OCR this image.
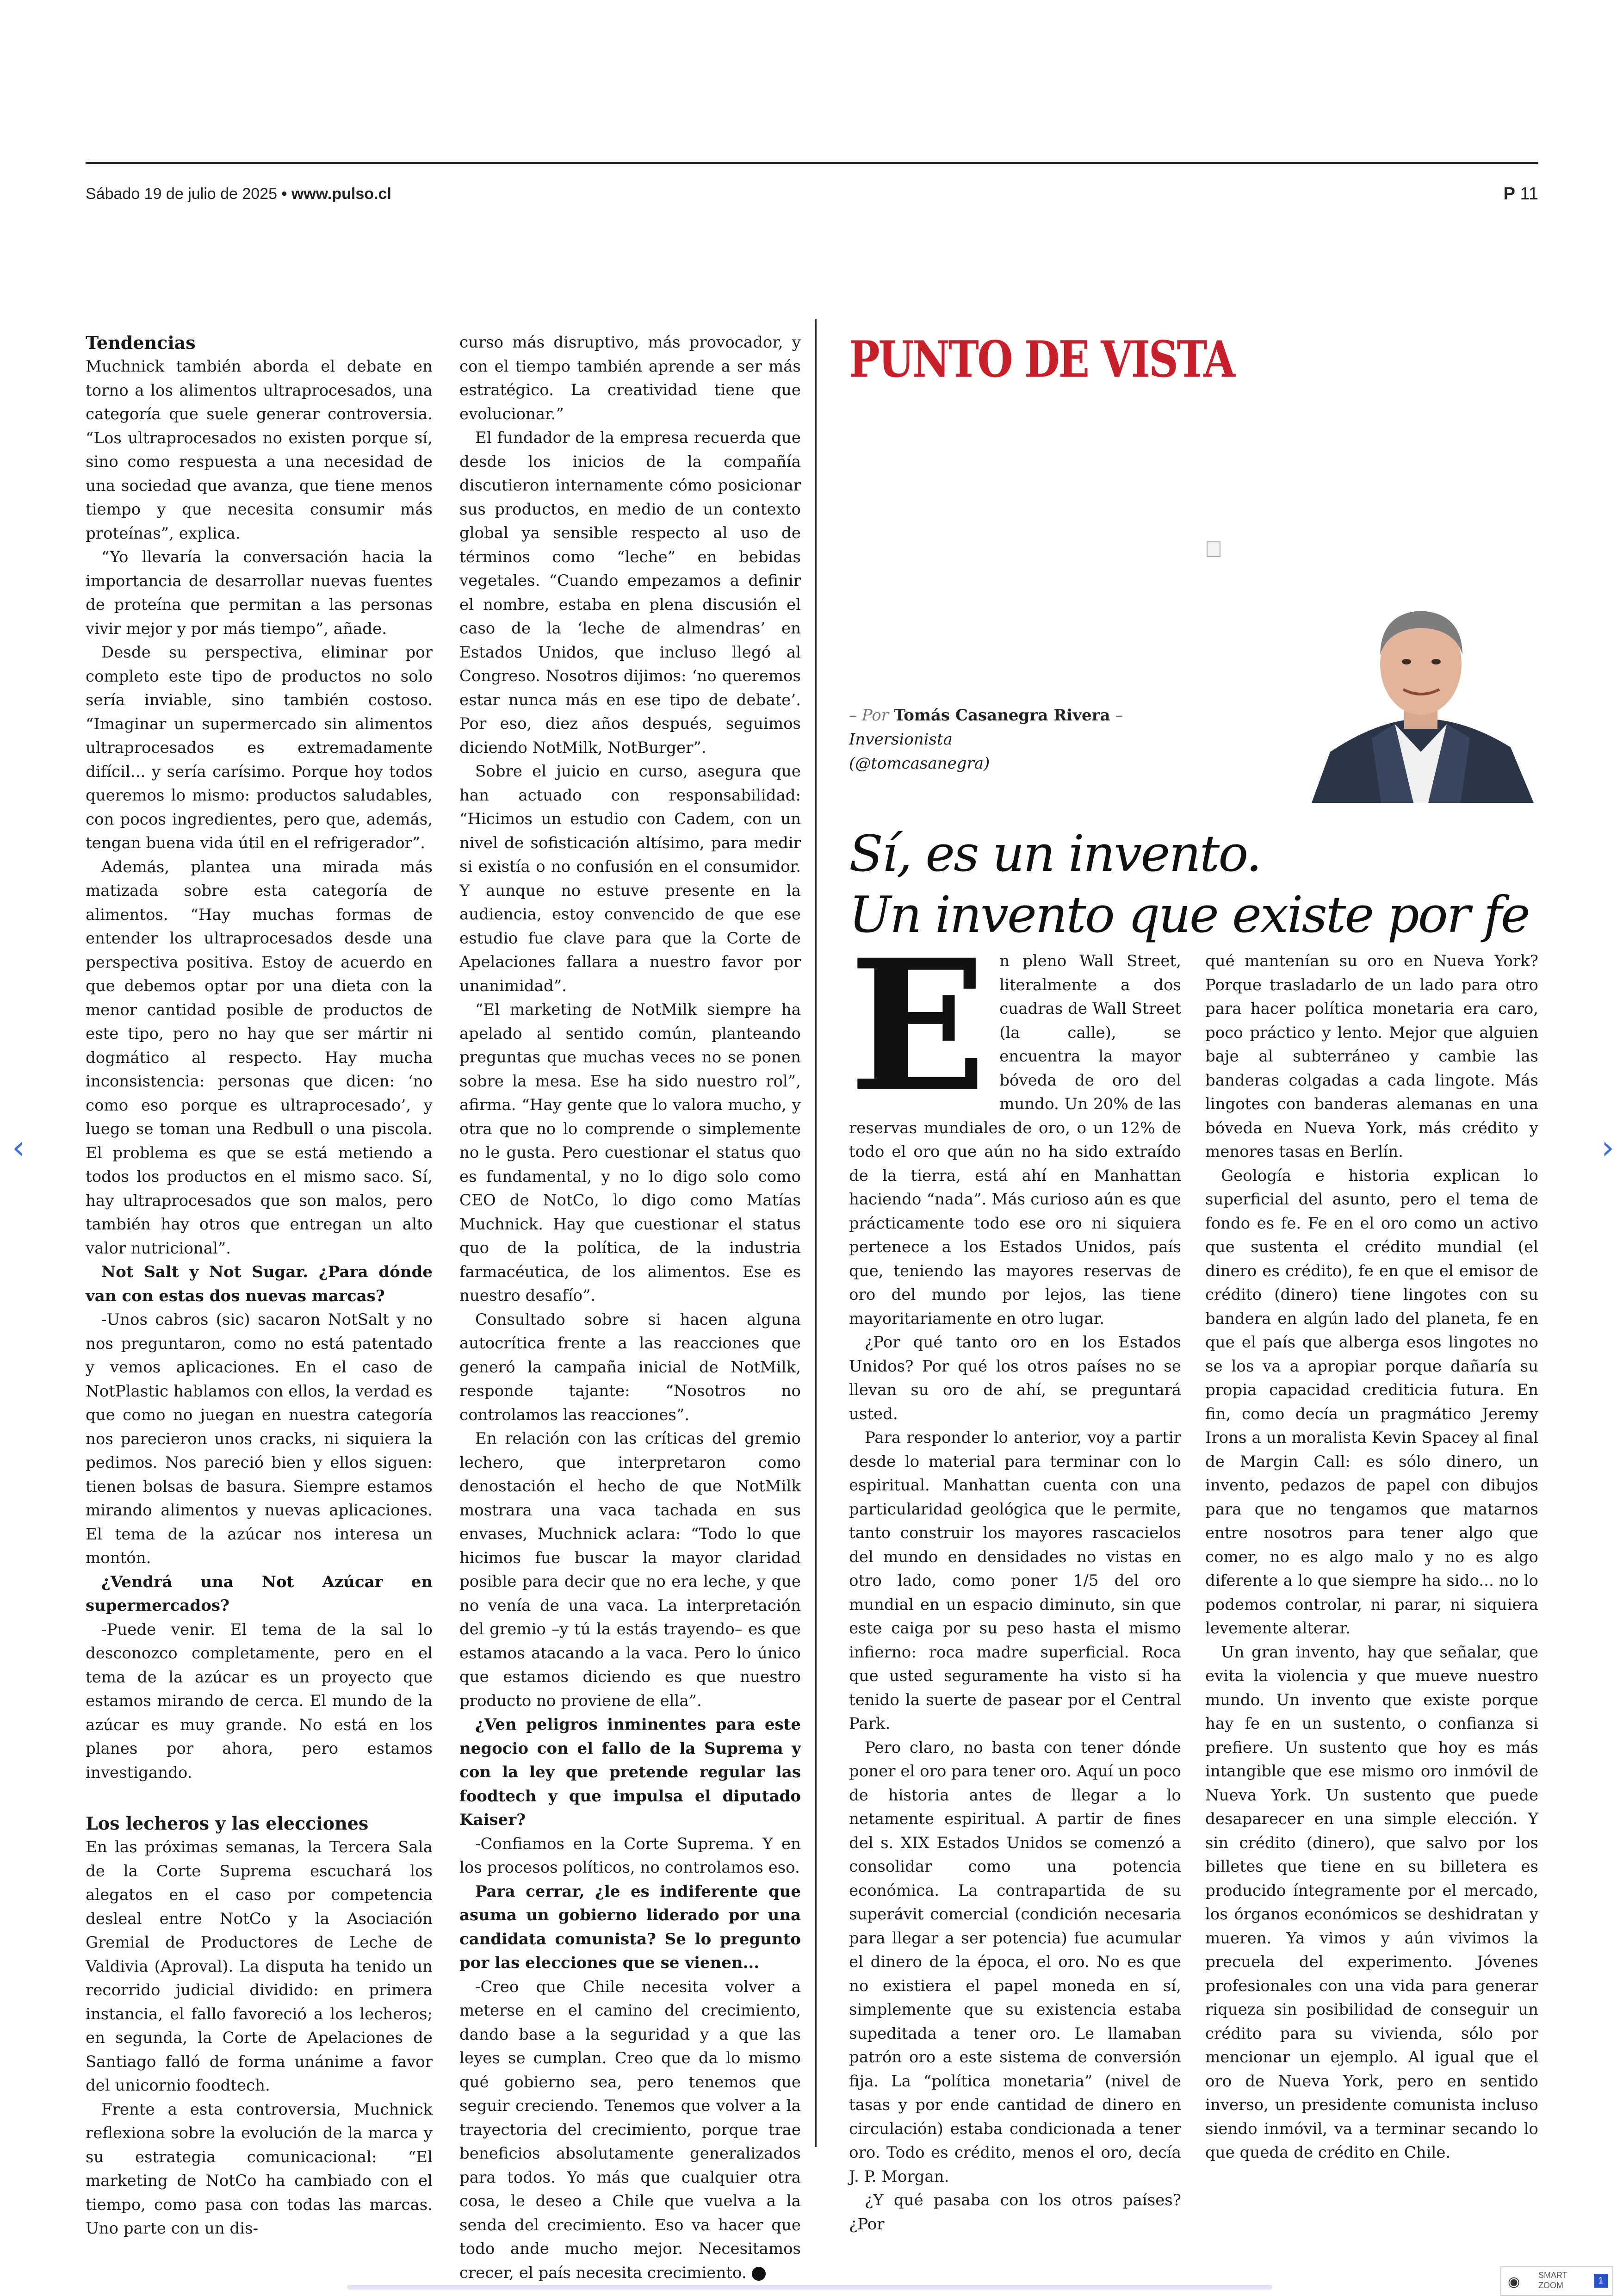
Sábado 19 de julio de 2025 • www.pulso.cl	P 11
Tendencias

Muchnick también aborda el debate en torno a los alimentos ultraprocesados, una categoría que suele generar controversia. “Los ultraprocesados no existen porque sí, sino como respuesta a una necesidad de una sociedad que avanza, que tiene menos tiempo y que necesita consumir más proteínas”, explica.

“Yo llevaría la conversación hacia la importancia de desarrollar nuevas fuentes de proteína que permitan a las personas vivir mejor y por más tiempo”, añade.

Desde su perspectiva, eliminar por completo este tipo de productos no solo sería inviable, sino también costoso. “Imaginar un supermercado sin alimentos ultraprocesados es extremadamente difícil... y sería carísimo. Porque hoy todos queremos lo mismo: productos saludables, con pocos ingredientes, pero que, además, tengan buena vida útil en el refrigerador”.

Además, plantea una mirada más matizada sobre esta categoría de alimentos. “Hay muchas formas de entender los ultraprocesados desde una perspectiva positiva. Estoy de acuerdo en que debemos optar por una dieta con la menor cantidad posible de productos de este tipo, pero no hay que ser mártir ni dogmático al respecto. Hay mucha inconsistencia: personas que dicen: ‘no como eso porque es ultraprocesado’, y luego se toman una Redbull o una piscola. El problema es que se está metiendo a todos los productos en el mismo saco. Sí, hay ultraprocesados que son malos, pero también hay otros que entregan un alto valor nutricional”.

Not Salt y Not Sugar. ¿Para dónde van con estas dos nuevas marcas?

-Unos cabros (sic) sacaron NotSalt y no nos preguntaron, como no está patentado y vemos aplicaciones. En el caso de NotPlastic hablamos con ellos, la verdad es que como no juegan en nuestra categoría nos parecieron unos cracks, ni siquiera la pedimos. Nos pareció bien y ellos siguen: tienen bolsas de basura. Siempre estamos mirando alimentos y nuevas aplicaciones. El tema de la azúcar nos interesa un montón.

¿Vendrá una Not Azúcar en supermercados?

-Puede venir. El tema de la sal lo desconozco completamente, pero en el tema de la azúcar es un proyecto que estamos mirando de cerca. El mundo de la azúcar es muy grande. No está en los planes por ahora, pero estamos investigando.

Los lecheros y las elecciones

En las próximas semanas, la Tercera Sala de la Corte Suprema escuchará los alegatos en el caso por competencia desleal entre NotCo y la Asociación Gremial de Productores de Leche de Valdivia (Aproval). La disputa ha tenido un recorrido judicial dividido: en primera instancia, el fallo favoreció a los lecheros; en segunda, la Corte de Apelaciones de Santiago falló de forma unánime a favor del unicornio foodtech.

Frente a esta controversia, Muchnick reflexiona sobre la evolución de la marca y su estrategia comunicacional: “El marketing de NotCo ha cambiado con el tiempo, como pasa con todas las marcas. Uno parte con un dis-

curso más disruptivo, más provocador, y con el tiempo también aprende a ser más estratégico. La creatividad tiene que evolucionar.”

El fundador de la empresa recuerda que desde los inicios de la compañía discutieron internamente cómo posicionar sus productos, en medio de un contexto global ya sensible respecto al uso de términos como “leche” en bebidas vegetales. “Cuando empezamos a definir el nombre, estaba en plena discusión el caso de la ‘leche de almendras’ en Estados Unidos, que incluso llegó al Congreso. Nosotros dijimos: ‘no queremos estar nunca más en ese tipo de debate’. Por eso, diez años después, seguimos diciendo NotMilk, NotBurger”.

Sobre el juicio en curso, asegura que han actuado con responsabilidad: “Hicimos un estudio con Cadem, con un nivel de sofisticación altísimo, para medir si existía o no confusión en el consumidor. Y aunque no estuve presente en la audiencia, estoy convencido de que ese estudio fue clave para que la Corte de Apelaciones fallara a nuestro favor por unanimidad”.

“El marketing de NotMilk siempre ha apelado al sentido común, planteando preguntas que muchas veces no se ponen sobre la mesa. Ese ha sido nuestro rol”, afirma. “Hay gente que lo valora mucho, y otra que no lo comprende o simplemente no le gusta. Pero cuestionar el status quo es fundamental, y no lo digo solo como CEO de NotCo, lo digo como Matías Muchnick. Hay que cuestionar el status quo de la política, de la industria farmacéutica, de los alimentos. Ese es nuestro desafío”.

Consultado sobre si hacen alguna autocrítica frente a las reacciones que generó la campaña inicial de NotMilk, responde tajante: “Nosotros no controlamos las reacciones”.

En relación con las críticas del gremio lechero, que interpretaron como denostación el hecho de que NotMilk mostrara una vaca tachada en sus envases, Muchnick aclara: “Todo lo que hicimos fue buscar la mayor claridad posible para decir que no era leche, y que no venía de una vaca. La interpretación del gremio –y tú la estás trayendo– es que estamos atacando a la vaca. Pero lo único que estamos diciendo es que nuestro producto no proviene de ella”.

¿Ven peligros inminentes para este negocio con el fallo de la Suprema y con la ley que pretende regular las foodtech y que impulsa el diputado Kaiser?

-Confiamos en la Corte Suprema. Y en los procesos políticos, no controlamos eso.

Para cerrar, ¿le es indiferente que asuma un gobierno liderado por una candidata comunista? Se lo pregunto por las elecciones que se vienen...

-Creo que Chile necesita volver a meterse en el camino del crecimiento, dando base a la seguridad y a que las leyes se cumplan. Creo que da lo mismo qué gobierno sea, pero tenemos que seguir creciendo. Tenemos que volver a la trayectoria del crecimiento, porque trae beneficios absolutamente generalizados para todos. Yo más que cualquier otra cosa, le deseo a Chile que vuelva a la senda del crecimiento. Eso va hacer que todo ande mucho mejor. Necesitamos crecer, el país necesita crecimiento.

PUNTO DE VISTA
– Por Tomás Casanegra Rivera –
Inversionista
(@tomcasanegra)
Sí, es un invento.
Un invento que existe por fe

En pleno Wall Street, literalmente a dos cuadras de Wall Street (la calle), se encuentra la mayor bóveda de oro del mundo. Un 20% de las reservas mundiales de oro, o un 12% de todo el oro que aún no ha sido extraído de la tierra, está ahí en Manhattan haciendo “nada”. Más curioso aún es que prácticamente todo ese oro ni siquiera pertenece a los Estados Unidos, país que, teniendo las mayores reservas de oro del mundo por lejos, las tiene mayoritariamente en otro lugar.

¿Por qué tanto oro en los Estados Unidos? Por qué los otros países no se llevan su oro de ahí, se preguntará usted.

Para responder lo anterior, voy a partir desde lo material para terminar con lo espiritual. Manhattan cuenta con una particularidad geológica que le permite, tanto construir los mayores rascacielos del mundo en densidades no vistas en otro lado, como poner 1/5 del oro mundial en un espacio diminuto, sin que este caiga por su peso hasta el mismo infierno: roca madre superficial. Roca que usted seguramente ha visto si ha tenido la suerte de pasear por el Central Park.

Pero claro, no basta con tener dónde poner el oro para tener oro. Aquí un poco de historia antes de llegar a lo netamente espiritual. A partir de fines del s. XIX Estados Unidos se comenzó a consolidar como una potencia económica. La contrapartida de su superávit comercial (condición necesaria para llegar a ser potencia) fue acumular el dinero de la época, el oro. No es que no existiera el papel moneda en sí, simplemente que su existencia estaba supeditada a tener oro. Le llamaban patrón oro a este sistema de conversión fija. La “política monetaria” (nivel de tasas y por ende cantidad de dinero en circulación) estaba condicionada a tener oro. Todo es crédito, menos el oro, decía J. P. Morgan.

¿Y qué pasaba con los otros países? ¿Por

qué mantenían su oro en Nueva York? Porque trasladarlo de un lado para otro para hacer política monetaria era caro, poco práctico y lento. Mejor que alguien baje al subterráneo y cambie las banderas colgadas a cada lingote. Más lingotes con banderas alemanas en una bóveda en Nueva York, más crédito y menores tasas en Berlín.

Geología e historia explican lo superficial del asunto, pero el tema de fondo es fe. Fe en el oro como un activo que sustenta el crédito mundial (el dinero es crédito), fe en que el emisor de crédito (dinero) tiene lingotes con su bandera en algún lado del planeta, fe en que el país que alberga esos lingotes no se los va a apropiar porque dañaría su propia capacidad crediticia futura. En fin, como decía un pragmático Jeremy Irons a un moralista Kevin Spacey al final de Margin Call: es sólo dinero, un invento, pedazos de papel con dibujos para que no tengamos que matarnos entre nosotros para tener algo que comer, no es algo malo y no es algo diferente a lo que siempre ha sido... no lo podemos controlar, ni parar, ni siquiera levemente alterar.

Un gran invento, hay que señalar, que evita la violencia y que mueve nuestro mundo. Un invento que existe porque hay fe en un sustento, o confianza si prefiere. Un sustento que hoy es más intangible que ese mismo oro inmóvil de Nueva York. Un sustento que puede desaparecer en una simple elección. Y sin crédito (dinero), que salvo por los billetes que tiene en su billetera es producido íntegramente por el mercado, los órganos económicos se deshidratan y mueren. Ya vimos y aún vivimos la precuela del experimento. Jóvenes profesionales con una vida para generar riqueza sin posibilidad de conseguir un crédito para su vivienda, sólo por mencionar un ejemplo. Al igual que el oro de Nueva York, pero en sentido inverso, un presidente comunista incluso siendo inmóvil, va a terminar secando lo que queda de crédito en Chile.

‹	›
◉ SMART ZOOM	1
